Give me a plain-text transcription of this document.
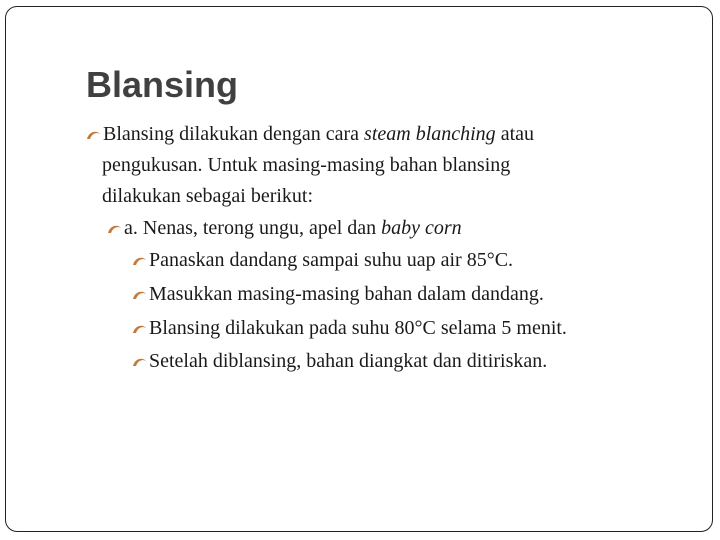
Blansing
Blansing dilakukan dengan cara steam blanching atau
pengukusan. Untuk masing-masing bahan blansing
dilakukan sebagai berikut:
a. Nenas, terong ungu, apel dan baby corn
Panaskan dandang sampai suhu uap air 85°C.
Masukkan masing-masing bahan dalam dandang.
Blansing dilakukan pada suhu 80°C selama 5 menit.
Setelah diblansing, bahan diangkat dan ditiriskan.
